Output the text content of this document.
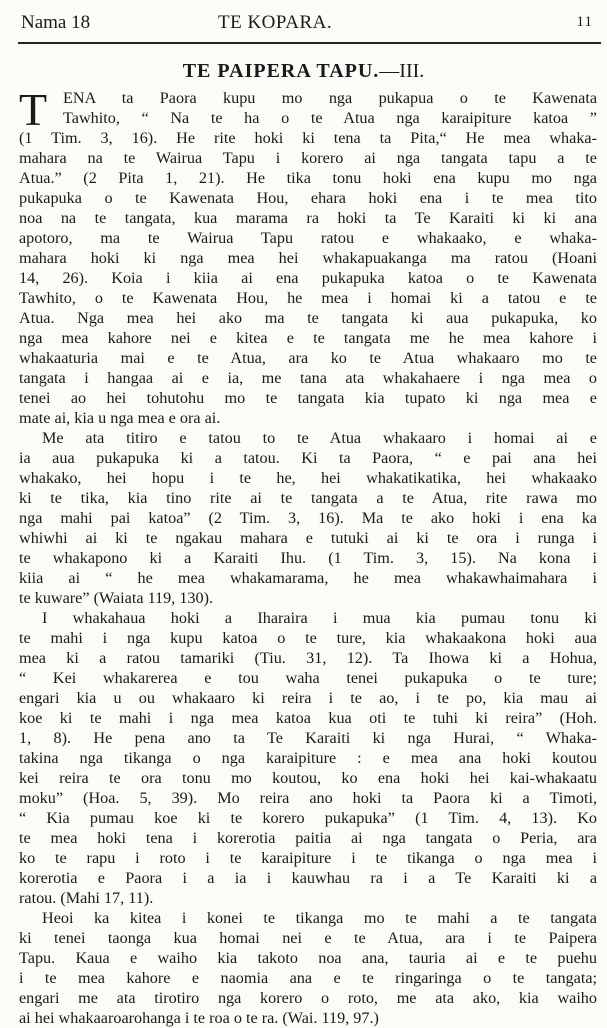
Nama 18	TE KOPARA.	11
TE PAIPERA TAPU.—III.
T ENA ta Paora kupu mo nga pukapua o te Kawenata
Tawhito, “ Na te ha o te Atua nga karaipiture katoa ”
(1 Tim. 3, 16). He rite hoki ki tena ta Pita,“ He mea whaka-
mahara na te Wairua Tapu i korero ai nga tangata tapu a te
Atua.” (2 Pita 1, 21). He tika tonu hoki ena kupu mo nga
pukapuka o te Kawenata Hou, ehara hoki ena i te mea tito
noa na te tangata, kua marama ra hoki ta Te Karaiti ki ki ana
apotoro, ma te Wairua Tapu ratou e whakaako, e whaka-
mahara hoki ki nga mea hei whakapuakanga ma ratou (Hoani
14, 26). Koia i kiia ai ena pukapuka katoa o te Kawenata
Tawhito, o te Kawenata Hou, he mea i homai ki a tatou e te
Atua. Nga mea hei ako ma te tangata ki aua pukapuka, ko
nga mea kahore nei e kitea e te tangata me he mea kahore i
whakaaturia mai e te Atua, ara ko te Atua whakaaro mo te
tangata i hangaa ai e ia, me tana ata whakahaere i nga mea o
tenei ao hei tohutohu mo te tangata kia tupato ki nga mea e
mate ai, kia u nga mea e ora ai.
Me ata titiro e tatou to te Atua whakaaro i homai ai e
ia aua pukapuka ki a tatou. Ki ta Paora, “ e pai ana hei
whakako, hei hopu i te he, hei whakatikatika, hei whakaako
ki te tika, kia tino rite ai te tangata a te Atua, rite rawa mo
nga mahi pai katoa” (2 Tim. 3, 16). Ma te ako hoki i ena ka
whiwhi ai ki te ngakau mahara e tutuki ai ki te ora i runga i
te whakapono ki a Karaiti Ihu. (1 Tim. 3, 15). Na kona i
kiia ai “ he mea whakamarama, he mea whakawhaimahara i
te kuware” (Waiata 119, 130).
I whakahaua hoki a Iharaira i mua kia pumau tonu ki
te mahi i nga kupu katoa o te ture, kia whakaakona hoki aua
mea ki a ratou tamariki (Tiu. 31, 12). Ta Ihowa ki a Hohua,
“ Kei whakarerea e tou waha tenei pukapuka o te ture;
engari kia u ou whakaaro ki reira i te ao, i te po, kia mau ai
koe ki te mahi i nga mea katoa kua oti te tuhi ki reira” (Hoh.
1, 8). He pena ano ta Te Karaiti ki nga Hurai, “ Whaka-
takina nga tikanga o nga karaipiture : e mea ana hoki koutou
kei reira te ora tonu mo koutou, ko ena hoki hei kai-whakaatu
moku” (Hoa. 5, 39). Mo reira ano hoki ta Paora ki a Timoti,
“ Kia pumau koe ki te korero pukapuka” (1 Tim. 4, 13). Ko
te mea hoki tena i korerotia paitia ai nga tangata o Peria, ara
ko te rapu i roto i te karaipiture i te tikanga o nga mea i
korerotia e Paora i a ia i kauwhau ra i a Te Karaiti ki a
ratou. (Mahi 17, 11).
Heoi ka kitea i konei te tikanga mo te mahi a te tangata
ki tenei taonga kua homai nei e te Atua, ara i te Paipera
Tapu. Kaua e waiho kia takoto noa ana, tauria ai e te puehu
i te mea kahore e naomia ana e te ringaringa o te tangata;
engari me ata tirotiro nga korero o roto, me ata ako, kia waiho
ai hei whakaaroarohanga i te roa o te ra. (Wai. 119, 97.)
